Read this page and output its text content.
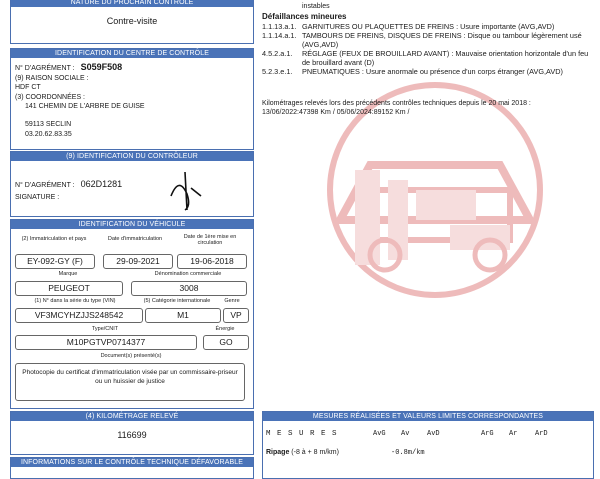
NATURE DU PROCHAIN CONTRÔLE
Contre-visite
IDENTIFICATION DU CENTRE DE CONTRÔLE
N° D'AGRÉMENT : S059F508
(9) RAISON SOCIALE :
HDF CT
(3) COORDONNÉES :
141 CHEMIN DE L'ARBRE DE GUISE
59113 SECLIN
03.20.62.83.35
(9) IDENTIFICATION DU CONTRÔLEUR
N° D'AGRÉMENT : 062D1281
SIGNATURE :
IDENTIFICATION DU VÉHICULE
(2) Immatriculation et pays	Date d'immatriculation	Date de 1ère mise en circulation
EY-092-GY (F)	29-09-2021	19-06-2018
Marque	Dénomination commerciale
PEUGEOT	3008
(1) N° dans la série du type (VIN)	(5) Catégorie internationale	Genre
VF3MCYHZJJS248542	M1	VP
Type/CNIT	Énergie
M10PGTVP0714377	GO
Document(s) présenté(s)
Photocopie du certificat d'immatriculation visée par un commissaire-priseur ou un huissier de justice
(4) KILOMÉTRAGE RELEVÉ
116699
INFORMATIONS SUR LE CONTRÔLE TECHNIQUE DÉFAVORABLE
instables
Défaillances mineures
1.1.13.a.1. GARNITURES OU PLAQUETTES DE FREINS : Usure importante (AVG,AVD)
1.1.14.a.1. TAMBOURS DE FREINS, DISQUES DE FREINS : Disque ou tambour légèrement usé (AVG,AVD)
4.5.2.a.1.	RÉGLAGE (FEUX DE BROUILLARD AVANT) : Mauvaise orientation horizontale d'un feu de brouillard avant (D)
5.2.3.e.1.	PNEUMATIQUES : Usure anormale ou présence d'un corps étranger (AVG,AVD)
Kilométrages relevés lors des précédents contrôles techniques depuis le 20 mai 2018 : 13/06/2022:47398 Km / 05/06/2024:89152 Km /
MESURES RÉALISÉES ET VALEURS LIMITES CORRESPONDANTES
M E S U R E S	AvG Av	AvD	ArG Ar	ArD
Ripage (-8 à + 8 m/km)	-0.8m/km
